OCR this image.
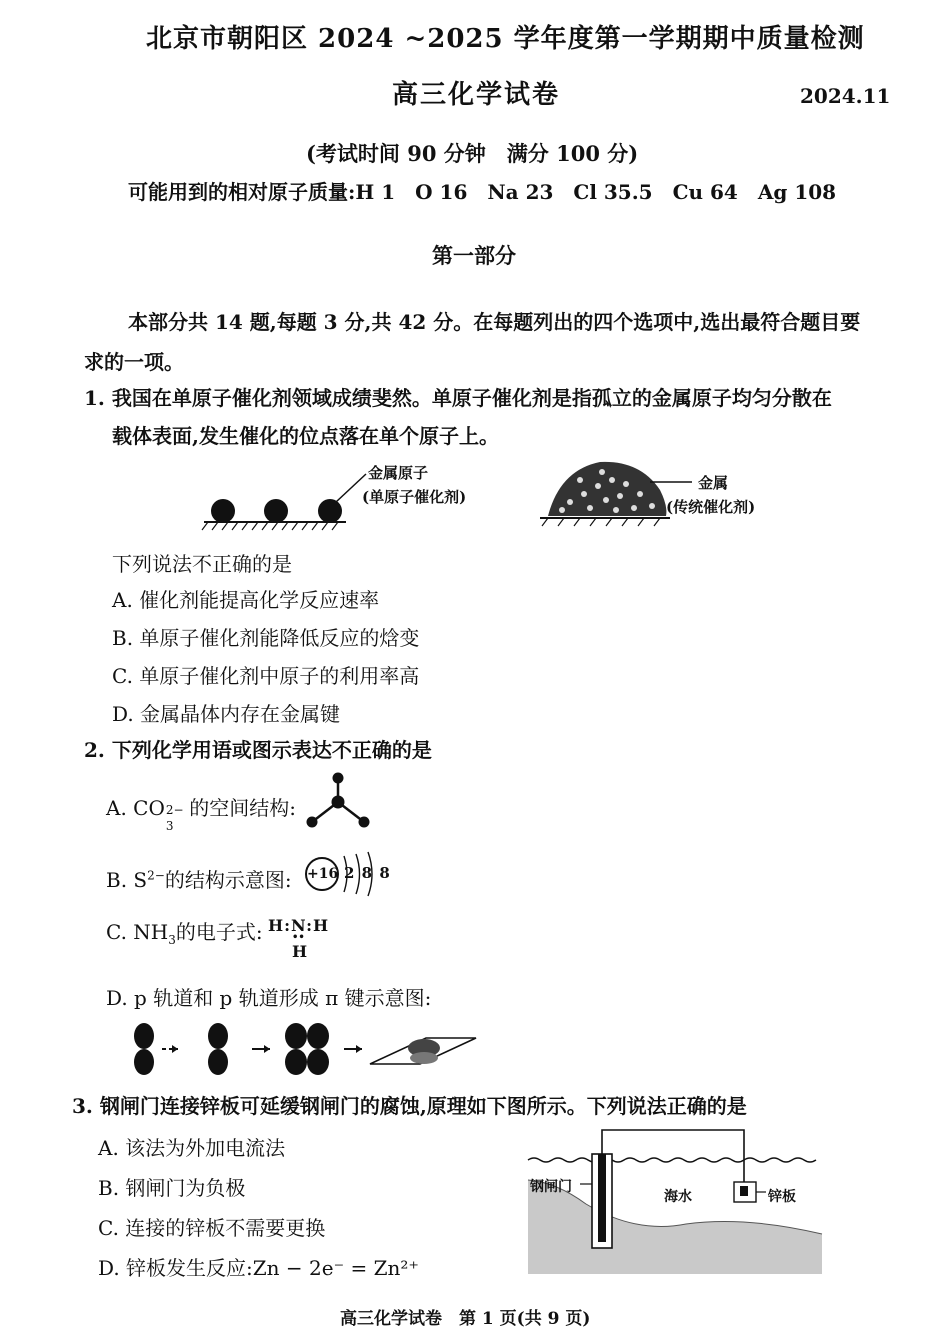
北京市朝阳区 2024 ~2025 学年度第一学期期中质量检测
高三化学试卷	2024.11
(考试时间 90 分钟　满分 100 分)
可能用到的相对原子质量:H 1　O 16　Na 23　Cl 35.5　Cu 64　Ag 108
第一部分
本部分共 14 题,每题 3 分,共 42 分。在每题列出的四个选项中,选出最符合题目要
求的一项。
1. 我国在单原子催化剂领域成绩斐然。单原子催化剂是指孤立的金属原子均匀分散在
载体表面,发生催化的位点落在单个原子上。
金属原子
(单原子催化剂)
金属
(传统催化剂)
下列说法不正确的是
A. 催化剂能提高化学反应速率
B. 单原子催化剂能降低反应的焓变
C. 单原子催化剂中原子的利用率高
D. 金属晶体内存在金属键
2. 下列化学用语或图示表达不正确的是
A. CO 2−
3
的空间结构:
B. $S^{2-}$的结构示意图: +16 2 8 8
C. $NH_3$的电子式: H:N:H
••
H
D. p 轨道和 p 轨道形成 π 键示意图:
3. 钢闸门连接锌板可延缓钢闸门的腐蚀,原理如下图所示。下列说法正确的是
A. 该法为外加电流法
B. 钢闸门为负极
C. 连接的锌板不需要更换
D. 锌板发生反应:Zn − 2e⁻ = Zn²⁺
钢闸门
海水	锌板
高三化学试卷　第 1 页(共 9 页)
